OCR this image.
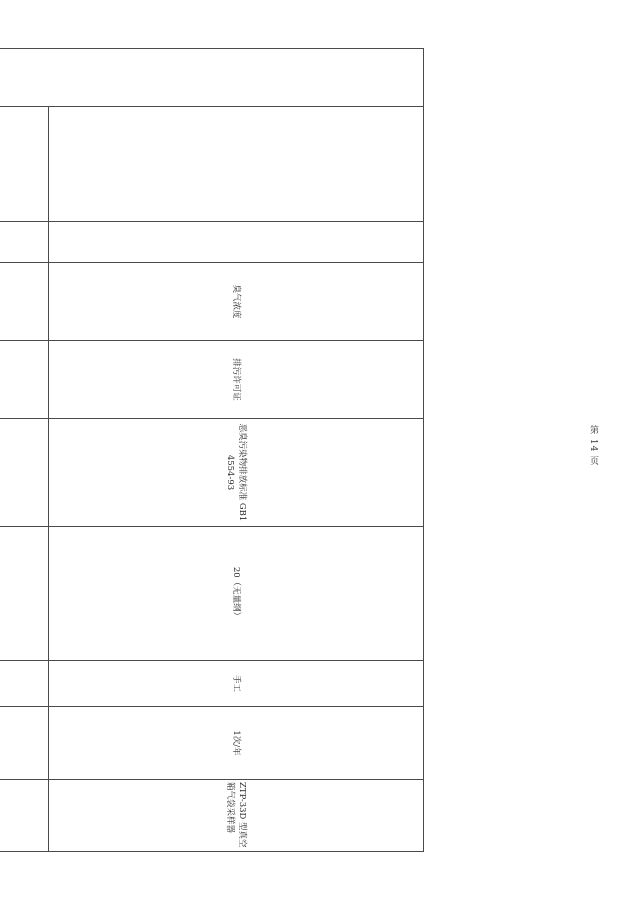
			臭气浓度	排污许可证	恶臭污染物排放标准 GB14554-93	20（无量纲）		手工	1次/年	ZTP-33D 型真空箱气袋采样器	

第 14 页
